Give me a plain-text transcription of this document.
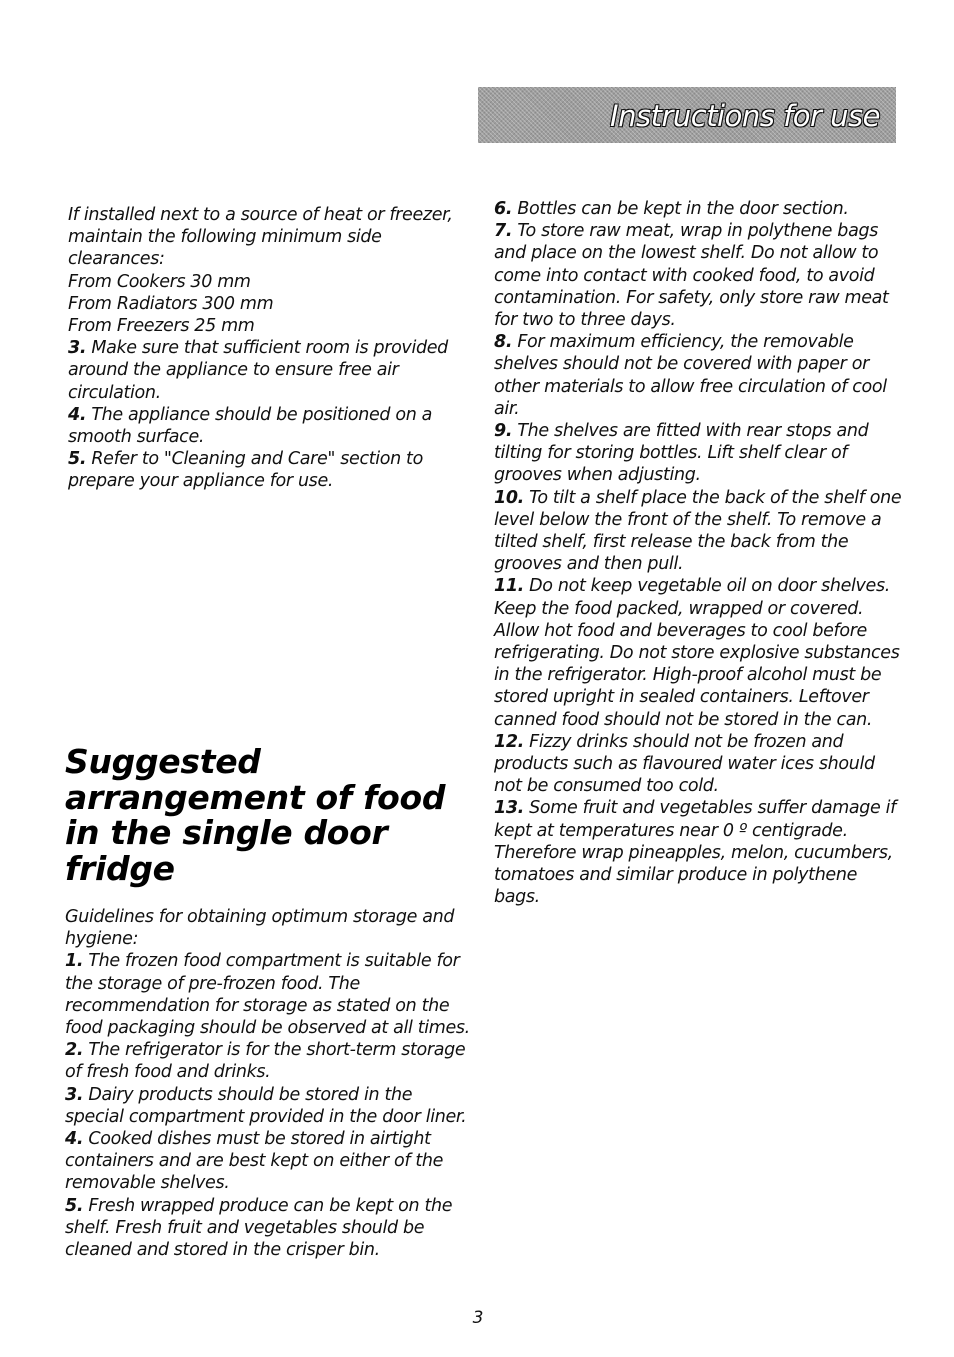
Instructions for use

If installed next to a source of heat or freezer, maintain the following minimum side clearances:

From Cookers 30 mm

From Radiators 300 mm

From Freezers 25 mm

3. Make sure that sufficient room is provided around the appliance to ensure free air circulation.

4. The appliance should be positioned on a smooth surface.

5. Refer to "Cleaning and Care" section to prepare your appliance for use.

Suggested arrangement of food in the single door fridge

Guidelines for obtaining optimum storage and hygiene:

1. The frozen food compartment is suitable for the storage of pre-frozen food. The recommendation for storage as stated on the food packaging should be observed at all times.

2. The refrigerator is for the short-term storage of fresh food and drinks.

3. Dairy products should be stored in the special compartment provided in the door liner.

4. Cooked dishes must be stored in airtight containers and are best kept on either of the removable shelves.

5. Fresh wrapped produce can be kept on the shelf. Fresh fruit and vegetables should be cleaned and stored in the crisper bin.

6. Bottles can be kept in the door section.

7. To store raw meat, wrap in polythene bags and place on the lowest shelf. Do not allow to come into contact with cooked food, to avoid contamination. For safety, only store raw meat for two to three days.

8. For maximum efficiency, the removable shelves should not be covered with paper or other materials to allow free circulation of cool air.

9. The shelves are fitted with rear stops and tilting for storing bottles. Lift shelf clear of grooves when adjusting.

10. To tilt a shelf place the back of the shelf one level below the front of the shelf. To remove a tilted shelf, first release the back from the grooves and then pull.

11. Do not keep vegetable oil on door shelves. Keep the food packed, wrapped or covered. Allow hot food and beverages to cool before refrigerating. Do not store explosive substances in the refrigerator. High-proof alcohol must be stored upright in sealed containers. Leftover canned food should not be stored in the can.

12. Fizzy drinks should not be frozen and products such as flavoured water ices should not be consumed too cold.

13. Some fruit and vegetables suffer damage if kept at temperatures near 0 º centigrade. Therefore wrap pineapples, melon, cucumbers, tomatoes and similar produce in polythene bags.

3
